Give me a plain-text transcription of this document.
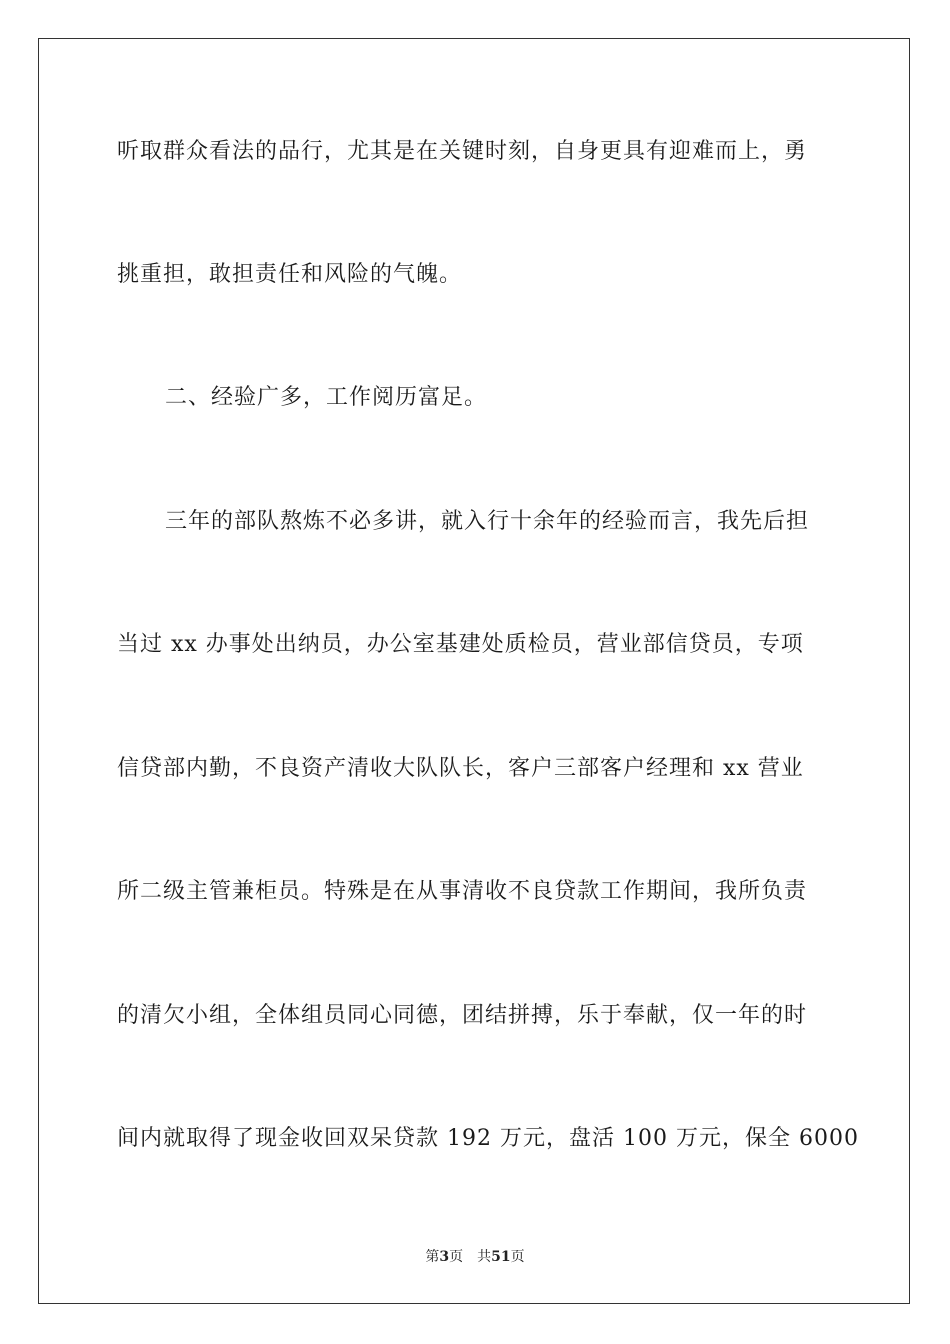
听取群众看法的品行，尤其是在关键时刻，自身更具有迎难而上，勇
挑重担，敢担责任和风险的气魄。
二、经验广多，工作阅历富足。
三年的部队熬炼不必多讲，就入行十余年的经验而言，我先后担
当过 xx 办事处出纳员，办公室基建处质检员，营业部信贷员，专项
信贷部内勤，不良资产清收大队队长，客户三部客户经理和 xx 营业
所二级主管兼柜员。特殊是在从事清收不良贷款工作期间，我所负责
的清欠小组，全体组员同心同德，团结拼搏，乐于奉献，仅一年的时
间内就取得了现金收回双呆贷款 192 万元，盘活 100 万元，保全 6000
第3页 共51页
